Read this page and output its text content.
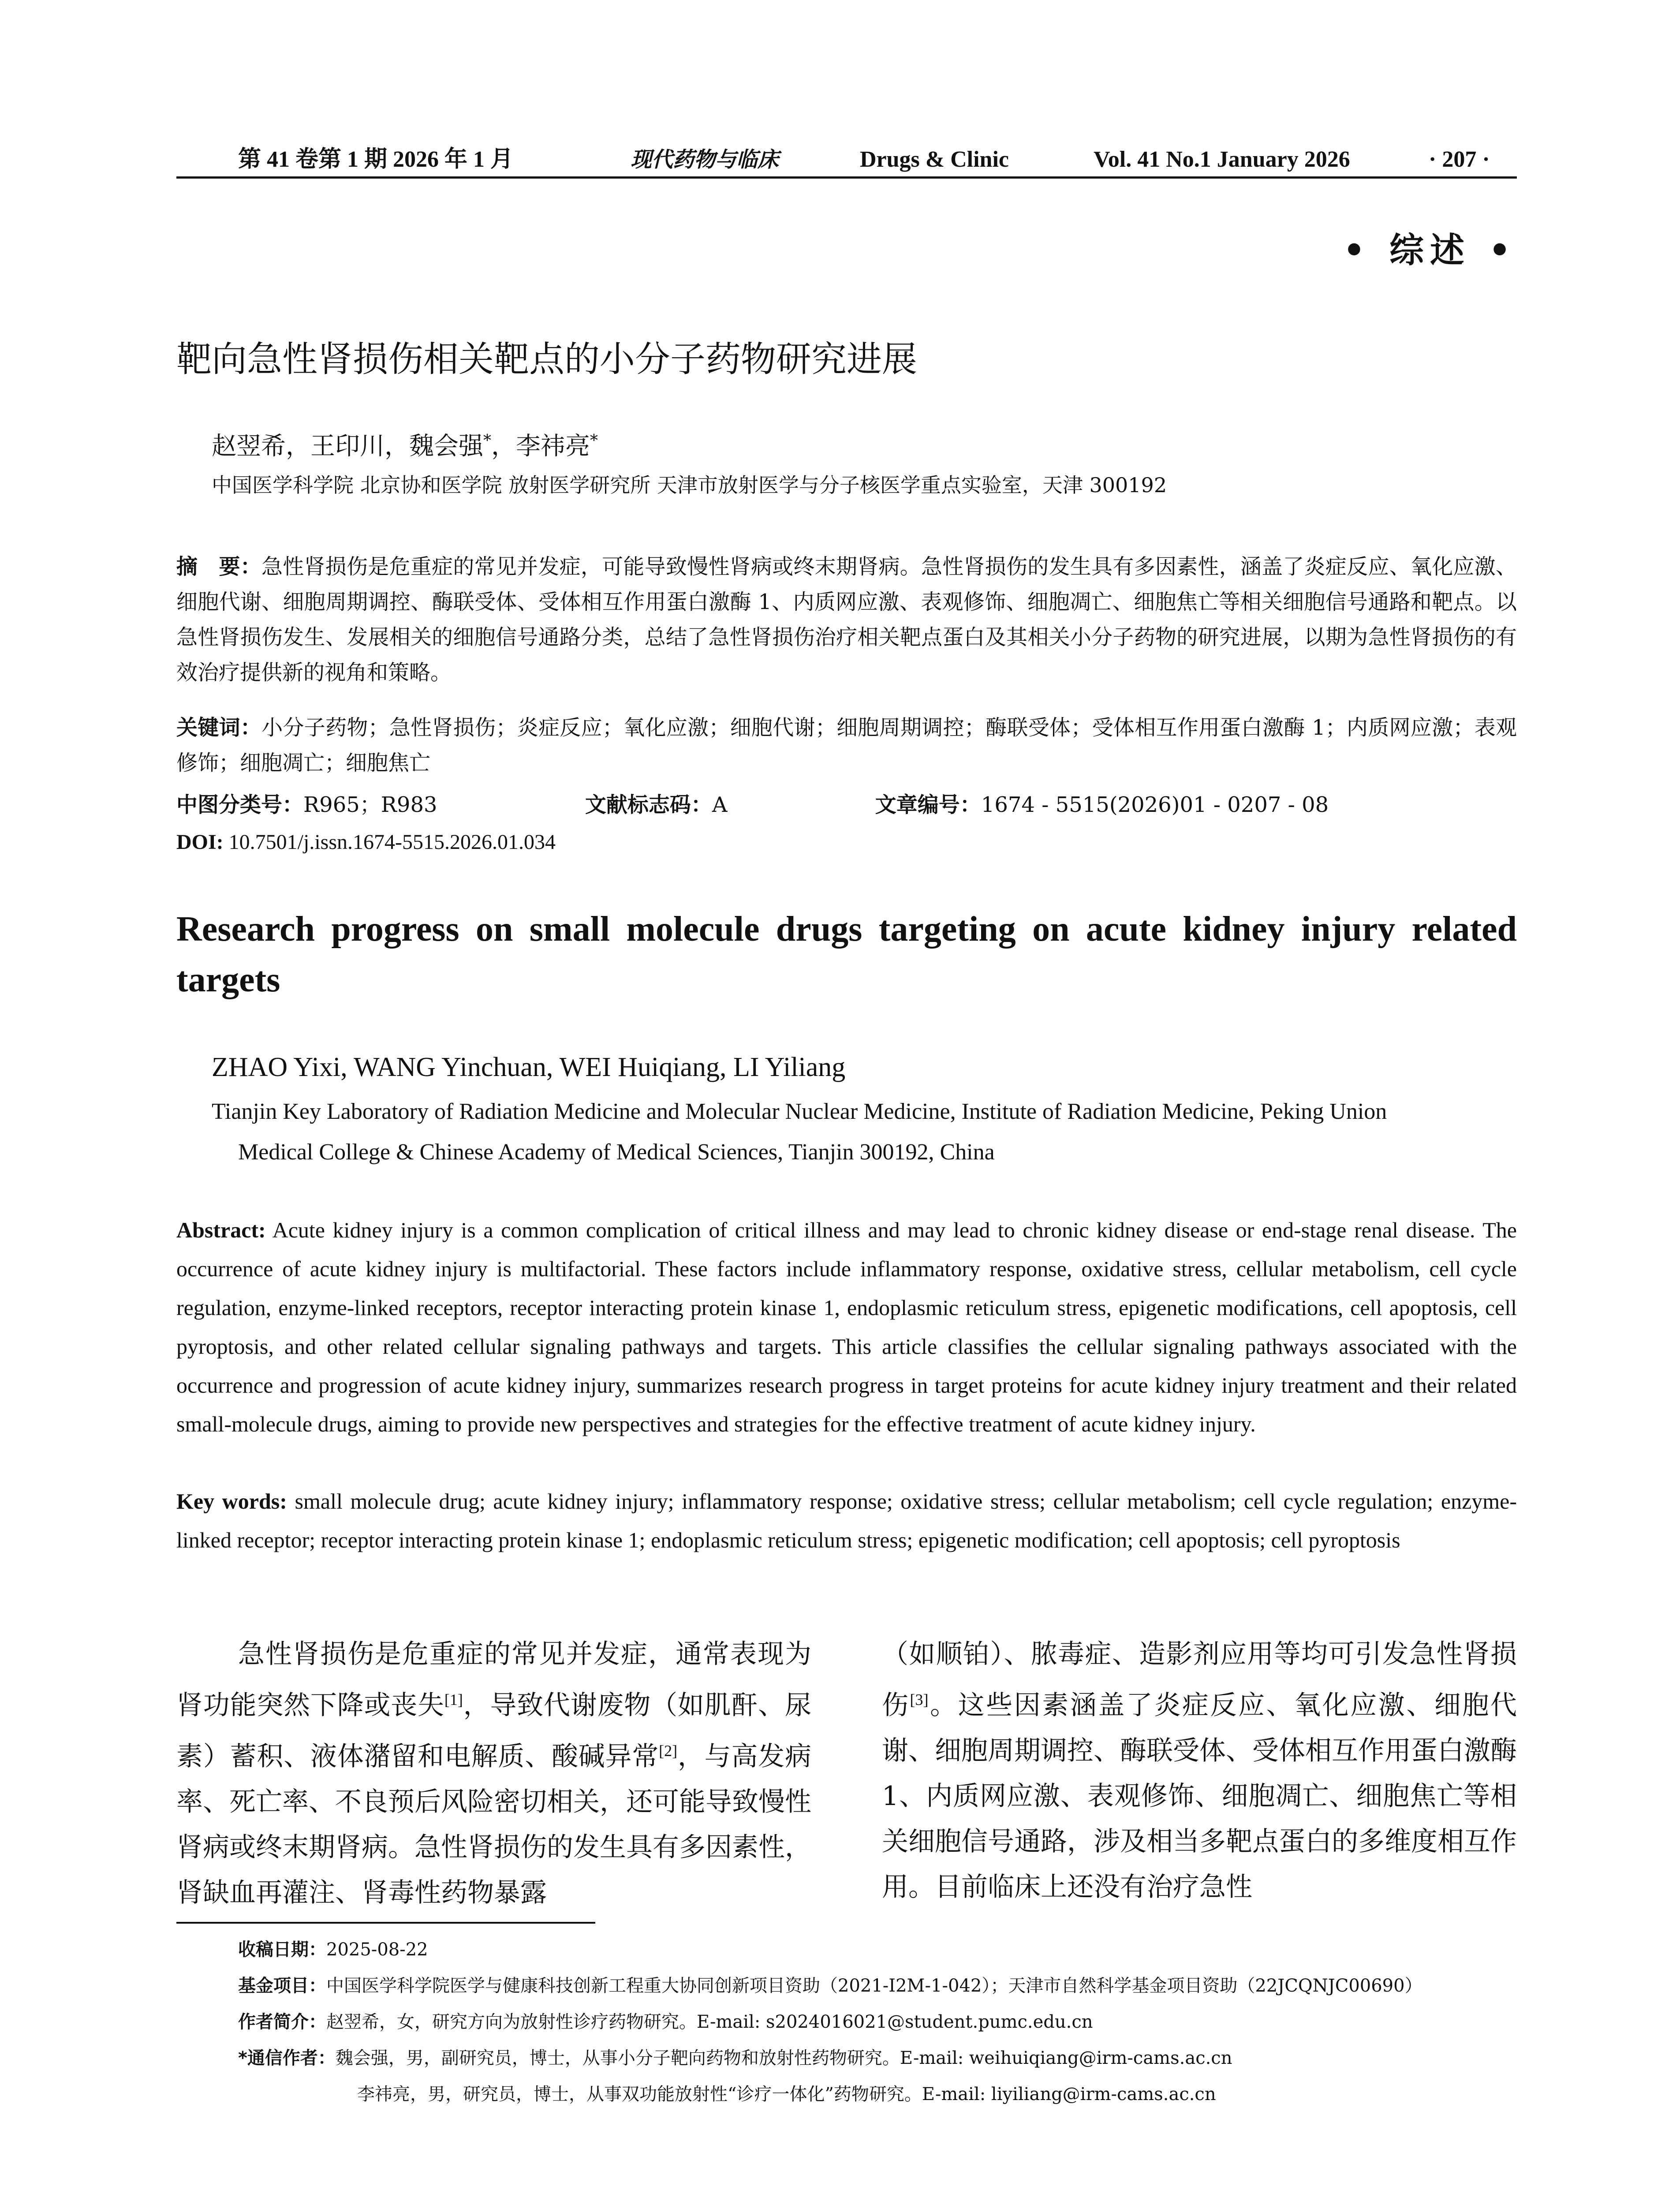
第 41 卷第 1 期 2026 年 1 月	现代药物与临床	Drugs & Clinic	Vol. 41 No.1 January 2026	· 207 ·
• 综述 •
靶向急性肾损伤相关靶点的小分子药物研究进展
赵翌希，王印川，魏会强*，李祎亮*
中国医学科学院 北京协和医学院 放射医学研究所 天津市放射医学与分子核医学重点实验室，天津 300192
摘　要：急性肾损伤是危重症的常见并发症，可能导致慢性肾病或终末期肾病。急性肾损伤的发生具有多因素性，涵盖了炎症反应、氧化应激、细胞代谢、细胞周期调控、酶联受体、受体相互作用蛋白激酶 1、内质网应激、表观修饰、细胞凋亡、细胞焦亡等相关细胞信号通路和靶点。以急性肾损伤发生、发展相关的细胞信号通路分类，总结了急性肾损伤治疗相关靶点蛋白及其相关小分子药物的研究进展，以期为急性肾损伤的有效治疗提供新的视角和策略。
关键词：小分子药物；急性肾损伤；炎症反应；氧化应激；细胞代谢；细胞周期调控；酶联受体；受体相互作用蛋白激酶 1；内质网应激；表观修饰；细胞凋亡；细胞焦亡
中图分类号：R965；R983	文献标志码：A	文章编号：1674 - 5515(2026)01 - 0207 - 08
DOI: 10.7501/j.issn.1674-5515.2026.01.034
Research progress on small molecule drugs targeting on acute kidney injury related targets
ZHAO Yixi, WANG Yinchuan, WEI Huiqiang, LI Yiliang
Tianjin Key Laboratory of Radiation Medicine and Molecular Nuclear Medicine, Institute of Radiation Medicine, Peking Union
Medical College & Chinese Academy of Medical Sciences, Tianjin 300192, China
Abstract: Acute kidney injury is a common complication of critical illness and may lead to chronic kidney disease or end-stage renal disease. The occurrence of acute kidney injury is multifactorial. These factors include inflammatory response, oxidative stress, cellular metabolism, cell cycle regulation, enzyme-linked receptors, receptor interacting protein kinase 1, endoplasmic reticulum stress, epigenetic modifications, cell apoptosis, cell pyroptosis, and other related cellular signaling pathways and targets. This article classifies the cellular signaling pathways associated with the occurrence and progression of acute kidney injury, summarizes research progress in target proteins for acute kidney injury treatment and their related small-molecule drugs, aiming to provide new perspectives and strategies for the effective treatment of acute kidney injury.
Key words: small molecule drug; acute kidney injury; inflammatory response; oxidative stress; cellular metabolism; cell cycle regulation; enzyme-linked receptor; receptor interacting protein kinase 1; endoplasmic reticulum stress; epigenetic modification; cell apoptosis; cell pyroptosis
急性肾损伤是危重症的常见并发症，通常表现为肾功能突然下降或丧失[1]，导致代谢废物（如肌酐、尿素）蓄积、液体潴留和电解质、酸碱异常[2]，与高发病率、死亡率、不良预后风险密切相关，还可能导致慢性肾病或终末期肾病。急性肾损伤的发生具有多因素性，肾缺血再灌注、肾毒性药物暴露
（如顺铂）、脓毒症、造影剂应用等均可引发急性肾损伤[3]。这些因素涵盖了炎症反应、氧化应激、细胞代谢、细胞周期调控、酶联受体、受体相互作用蛋白激酶 1、内质网应激、表观修饰、细胞凋亡、细胞焦亡等相关细胞信号通路，涉及相当多靶点蛋白的多维度相互作用。目前临床上还没有治疗急性
收稿日期：2025-08-22
基金项目：中国医学科学院医学与健康科技创新工程重大协同创新项目资助（2021-I2M-1-042）；天津市自然科学基金项目资助（22JCQNJC00690）
作者简介：赵翌希，女，研究方向为放射性诊疗药物研究。E-mail: s2024016021@student.pumc.edu.cn
*通信作者：魏会强，男，副研究员，博士，从事小分子靶向药物和放射性药物研究。E-mail: weihuiqiang@irm-cams.ac.cn
李祎亮，男，研究员，博士，从事双功能放射性“诊疗一体化”药物研究。E-mail: liyiliang@irm-cams.ac.cn
